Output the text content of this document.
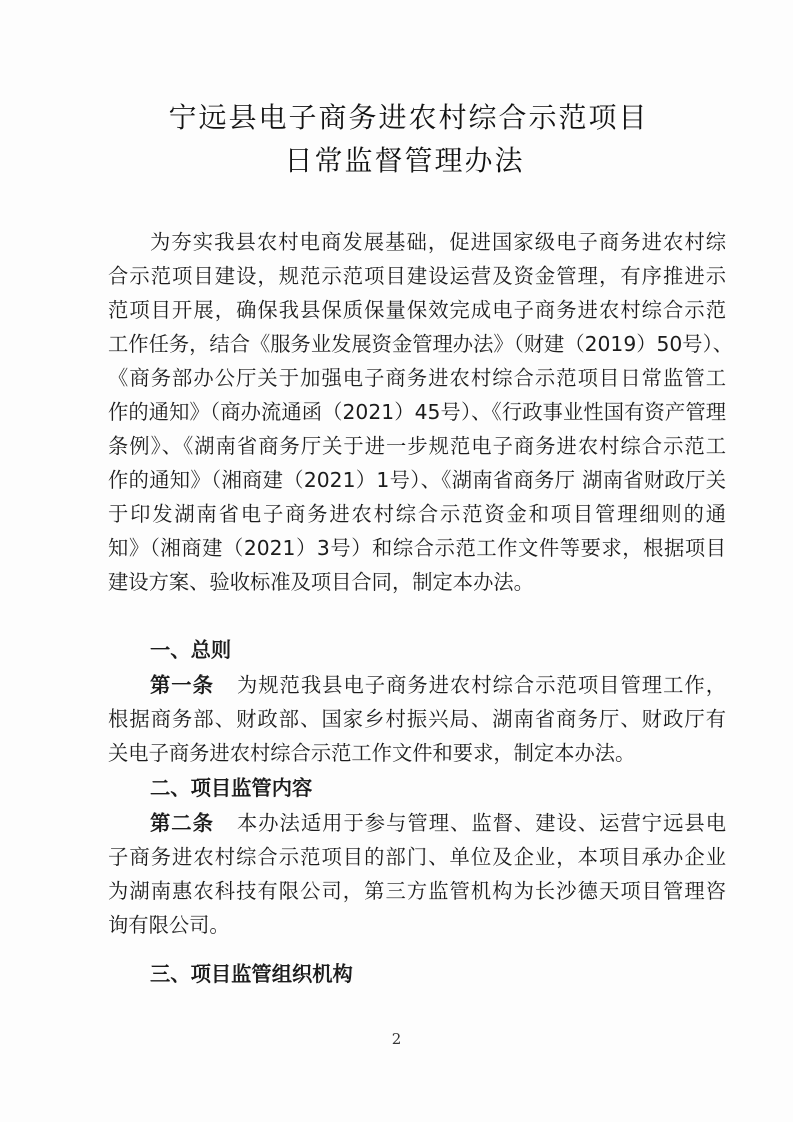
宁远县电子商务进农村综合示范项目
日常监督管理办法
为夯实我县农村电商发展基础，促进国家级电子商务进农村综
合示范项目建设，规范示范项目建设运营及资金管理，有序推进示
范项目开展，确保我县保质保量保效完成电子商务进农村综合示范
工作任务，结合《服务业发展资金管理办法》（财建（2019）50号）、
《商务部办公厅关于加强电子商务进农村综合示范项目日常监管工
作的通知》（商办流通函（2021）45号）、《行政事业性国有资产管理
条例》、《湖南省商务厅关于进一步规范电子商务进农村综合示范工
作的通知》（湘商建（2021）1号）、《湖南省商务厅 湖南省财政厅关
于印发湖南省电子商务进农村综合示范资金和项目管理细则的通
知》（湘商建（2021）3号）和综合示范工作文件等要求，根据项目
建设方案、验收标准及项目合同，制定本办法。
一、总则
第一条 为规范我县电子商务进农村综合示范项目管理工作，
根据商务部、财政部、国家乡村振兴局、湖南省商务厅、财政厅有
关电子商务进农村综合示范工作文件和要求，制定本办法。
二、项目监管内容
第二条 本办法适用于参与管理、监督、建设、运营宁远县电
子商务进农村综合示范项目的部门、单位及企业，本项目承办企业
为湖南惠农科技有限公司，第三方监管机构为长沙德天项目管理咨
询有限公司。
三、项目监管组织机构
2
